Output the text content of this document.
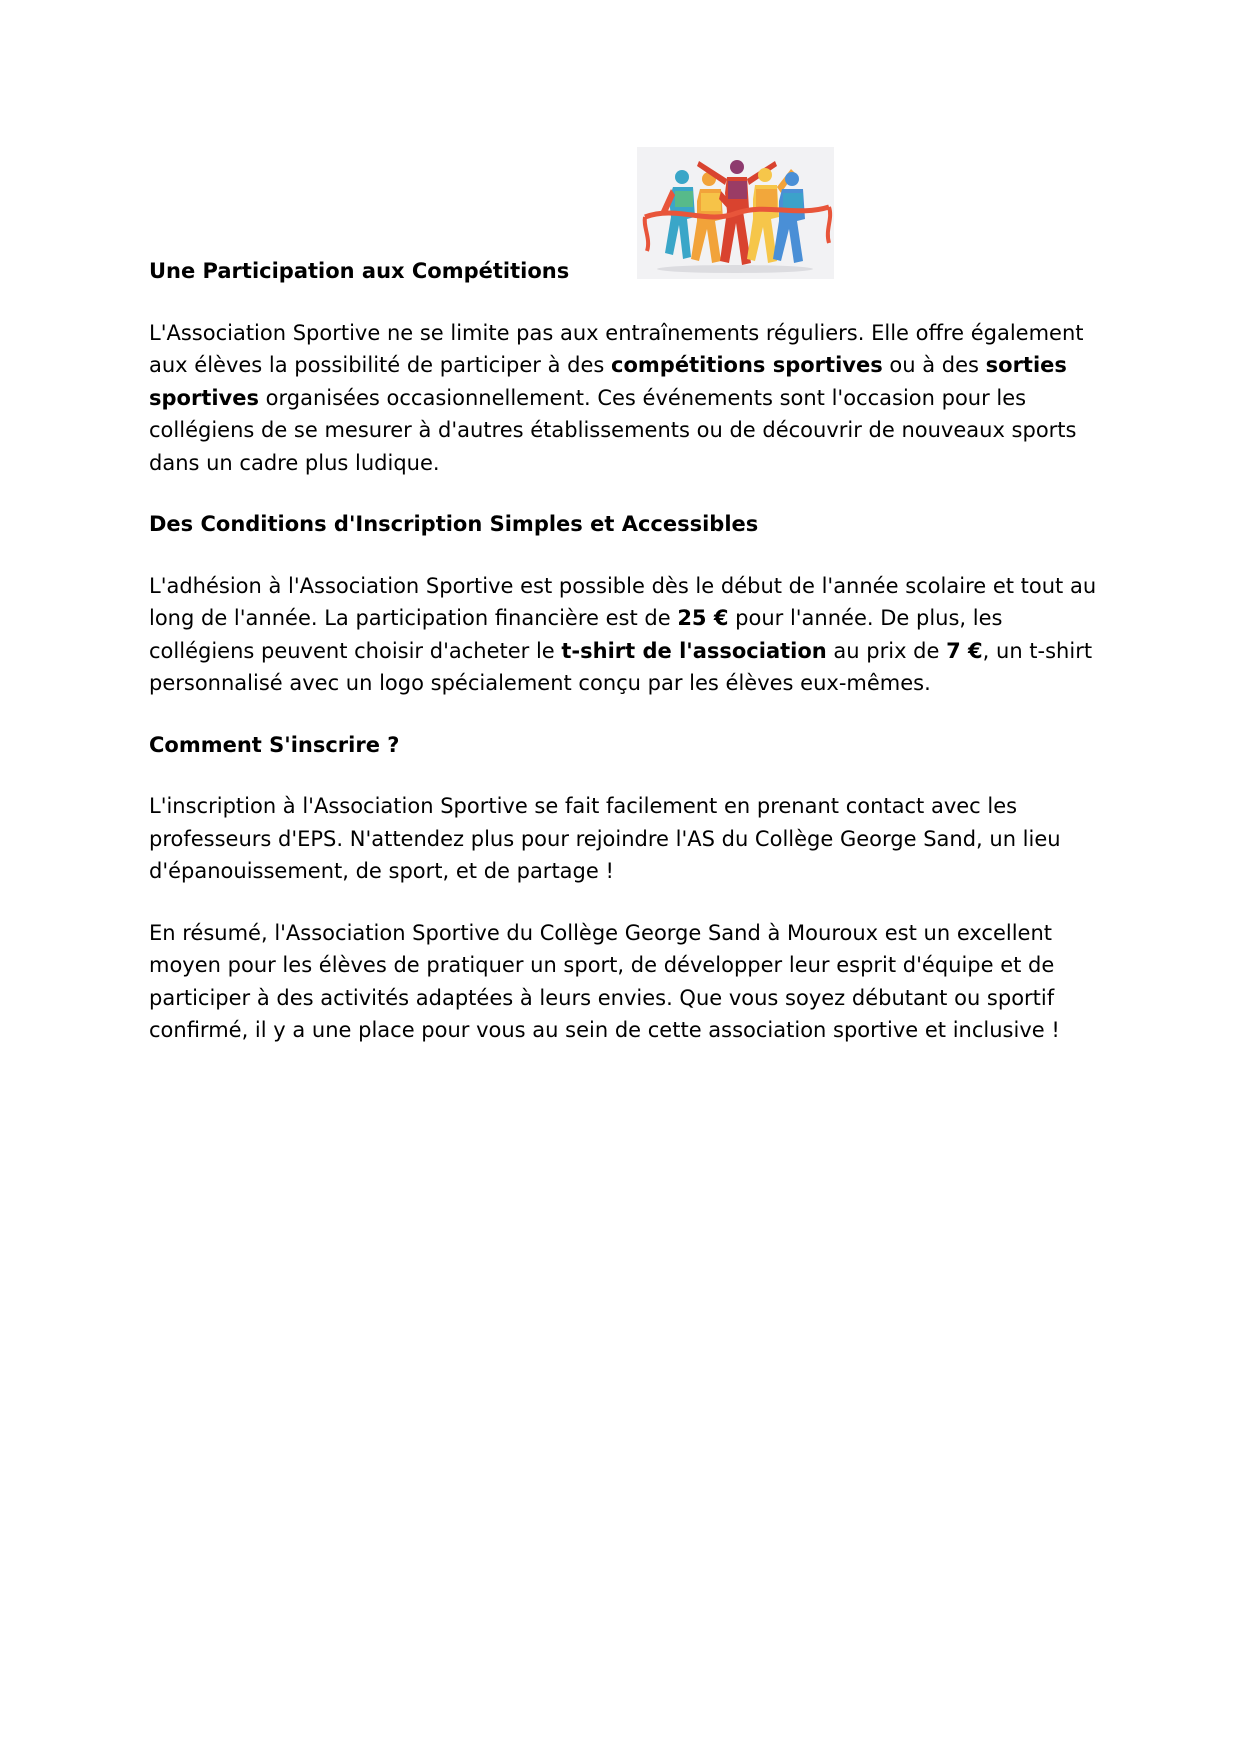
Une Participation aux Compétitions

L'Association Sportive ne se limite pas aux entraînements réguliers. Elle offre également aux élèves la possibilité de participer à des compétitions sportives ou à des sorties sportives organisées occasionnellement. Ces événements sont l'occasion pour les collégiens de se mesurer à d'autres établissements ou de découvrir de nouveaux sports dans un cadre plus ludique.

Des Conditions d'Inscription Simples et Accessibles

L'adhésion à l'Association Sportive est possible dès le début de l'année scolaire et tout au long de l'année. La participation financière est de 25 € pour l'année. De plus, les collégiens peuvent choisir d'acheter le t-shirt de l'association au prix de 7 €, un t-shirt personnalisé avec un logo spécialement conçu par les élèves eux-mêmes.

Comment S'inscrire ?

L'inscription à l'Association Sportive se fait facilement en prenant contact avec les professeurs d'EPS. N'attendez plus pour rejoindre l'AS du Collège George Sand, un lieu d'épanouissement, de sport, et de partage !

En résumé, l'Association Sportive du Collège George Sand à Mouroux est un excellent moyen pour les élèves de pratiquer un sport, de développer leur esprit d'équipe et de participer à des activités adaptées à leurs envies. Que vous soyez débutant ou sportif confirmé, il y a une place pour vous au sein de cette association sportive et inclusive !
